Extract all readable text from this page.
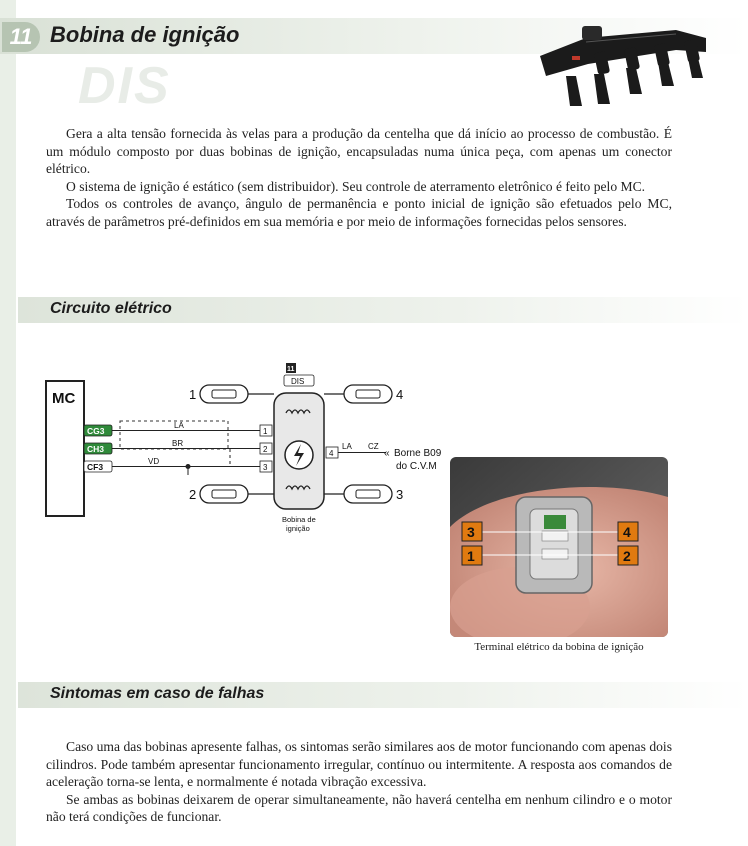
11 Bobina de ignição
DIS

Gera a alta tensão fornecida às velas para a produção da centelha que dá início ao processo de combustão. É um módulo composto por duas bobinas de ignição, encapsuladas numa única peça, com apenas um conector elétrico.

O sistema de ignição é estático (sem distribuidor). Seu controle de aterramento eletrônico é feito pelo MC.

Todos os controles de avanço, ângulo de permanência e ponto inicial de ignição são efetuados pelo MC, através de parâmetros pré-definidos em sua memória e por meio de informações fornecidas pelos sensores.

Circuito elétrico
MC
CG3
CH3
CF3
LA
BR
VD
11
DIS
Bobina de
ignição
1
2
3
4
LA CZ
« Borne B09
do C.V.M
1	4
2	3
3	4
1	2
Terminal elétrico da bobina de ignição
Sintomas em caso de falhas

Caso uma das bobinas apresente falhas, os sintomas serão similares aos de motor funcionando com apenas dois cilindros. Pode também apresentar funcionamento irregular, contínuo ou intermitente. A resposta aos comandos de aceleração torna-se lenta, e normalmente é notada vibração excessiva.

Se ambas as bobinas deixarem de operar simultaneamente, não haverá centelha em nenhum cilindro e o motor não terá condições de funcionar.
